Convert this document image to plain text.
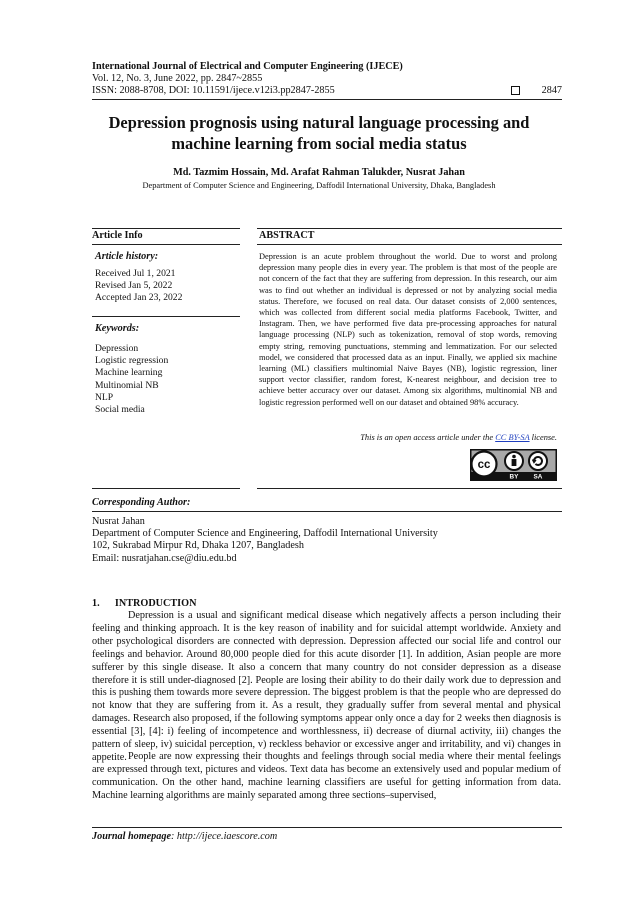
International Journal of Electrical and Computer Engineering (IJECE)
Vol. 12, No. 3, June 2022, pp. 2847~2855
ISSN: 2088-8708, DOI: 10.11591/ijece.v12i3.pp2847-2855	2847
Depression prognosis using natural language processing and
machine learning from social media status
Md. Tazmim Hossain, Md. Arafat Rahman Talukder, Nusrat Jahan
Department of Computer Science and Engineering, Daffodil International University, Dhaka, Bangladesh
Article Info	ABSTRACT
Article history:
Received Jul 1, 2021
Revised Jan 5, 2022
Accepted Jan 23, 2022
Keywords:
Depression
Logistic regression
Machine learning
Multinomial NB
NLP
Social media
Depression is an acute problem throughout the world. Due to worst and prolong depression many people dies in every year. The problem is that most of the people are not concern of the fact that they are suffering from depression. In this research, our aim was to find out whether an individual is depressed or not by analyzing social media status. Therefore, we focused on real data. Our dataset consists of 2,000 sentences, which was collected from different social media platforms Facebook, Twitter, and Instagram. Then, we have performed five data pre-processing approaches for natural language processing (NLP) such as tokenization, removal of stop words, removing empty string, removing punctuations, stemming and lemmatization. For our selected model, we considered that processed data as an input. Finally, we applied six machine learning (ML) classifiers multinomial Naive Bayes (NB), logistic regression, liner support vector classifier, random forest, K-nearest neighbour, and decision tree to achieve better accuracy over our dataset. Among six algorithms, multinomial NB and logistic regression performed well on our dataset and obtained 98% accuracy.
This is an open access article under the CC BY-SA license.
cc
BY SA
Corresponding Author:
Nusrat Jahan
Department of Computer Science and Engineering, Daffodil International University
102, Sukrabad Mirpur Rd, Dhaka 1207, Bangladesh
Email: nusratjahan.cse@diu.edu.bd
1.      INTRODUCTION
Depression is a usual and significant medical disease which negatively affects a person including their feeling and thinking approach. It is the key reason of inability and for suicidal attempt worldwide. Anxiety and other psychological disorders are connected with depression. Depression affected our social life and control our feelings and behavior. Around 80,000 people died for this acute disorder [1]. In addition, Asian people are more sufferer by this single disease. It also a concern that many country do not consider depression as a disease therefore it is still under-diagnosed [2]. People are losing their ability to do their daily work due to depression and this is pushing them towards more severe depression. The biggest problem is that the people who are depressed do not know that they are suffering from it. As a result, they gradually suffer from several mental and physical damages. Research also proposed, if the following symptoms appear only once a day for 2 weeks then diagnosis is essential [3], [4]: i) feeling of incompetence and worthlessness, ii) decrease of diurnal activity, iii) changes the pattern of sleep, iv) suicidal perception, v) reckless behavior or excessive anger and irritability, and vi) changes in appetite. People are now expressing their thoughts and feelings through social media where their mental feelings are expressed through text, pictures and videos. Text data has become an extensively used and popular medium of communication. On the other hand, machine learning classifiers are useful for getting information from data. Machine learning algorithms are mainly separated among three sections–supervised,
Journal homepage: http://ijece.iaescore.com
